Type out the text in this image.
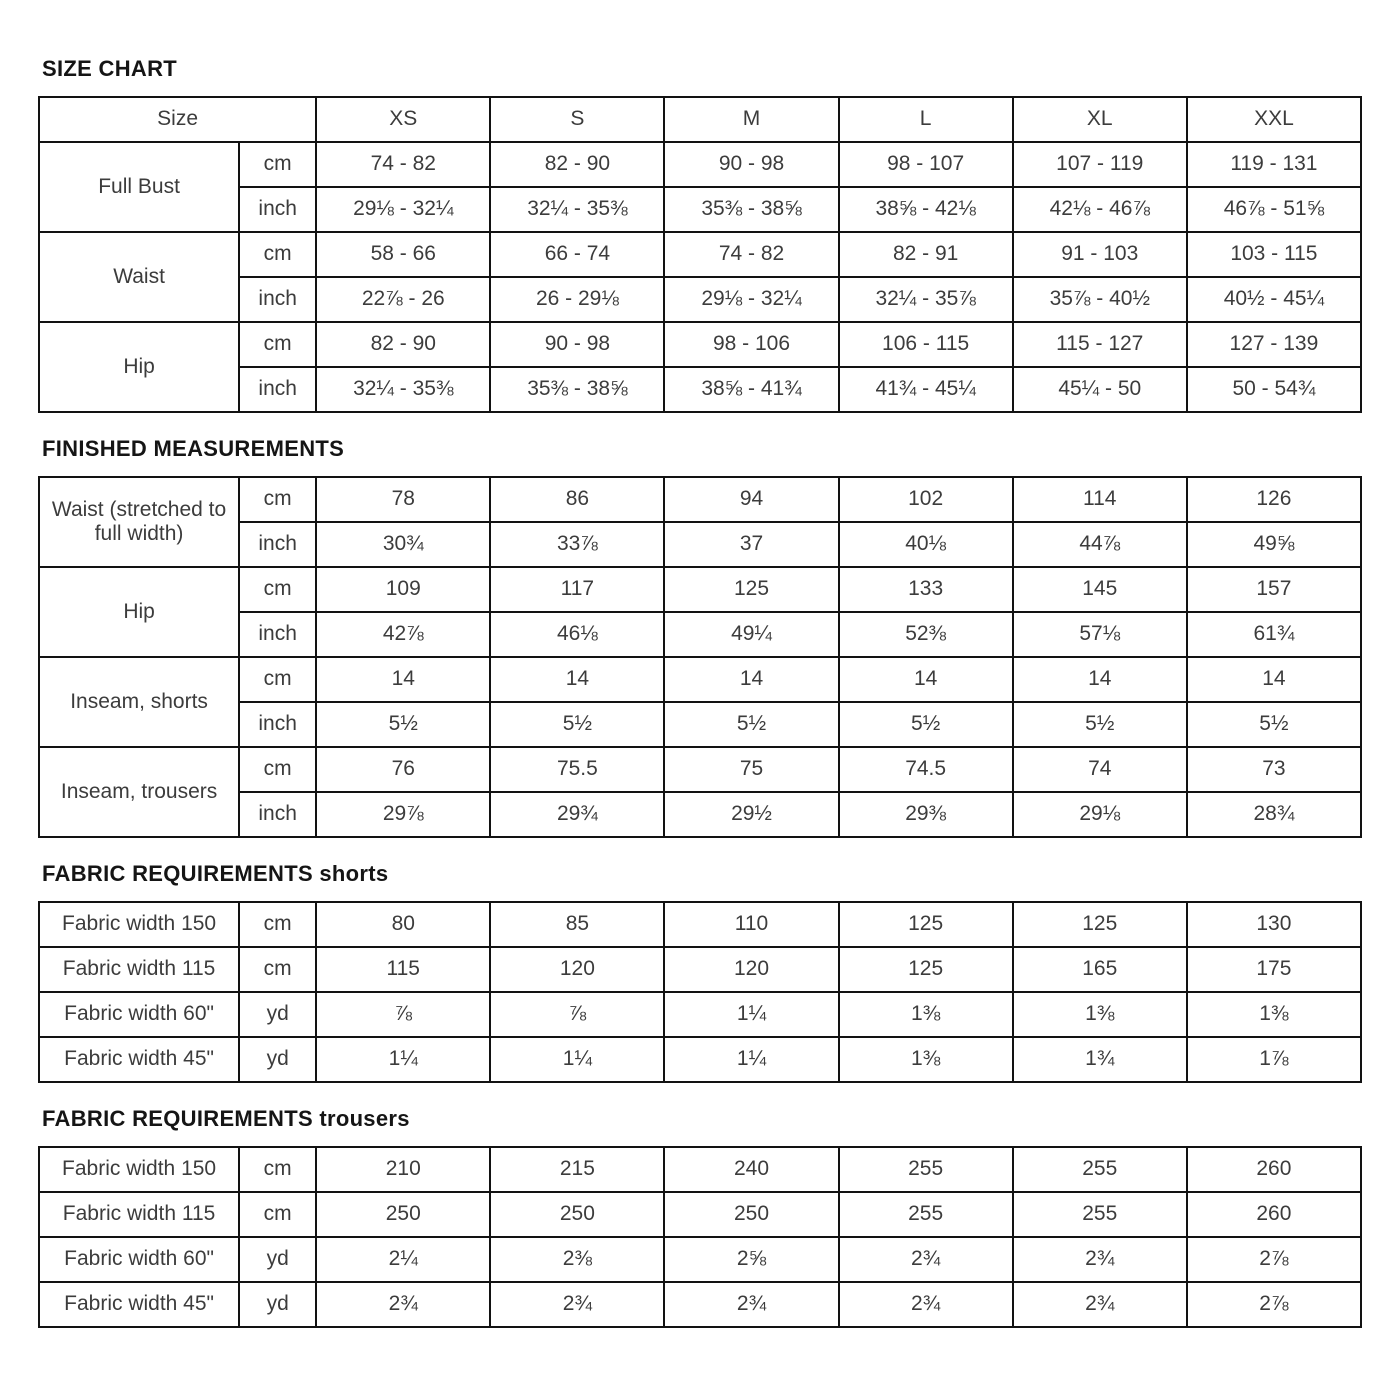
SIZE CHART
Size		XS	S	M	L	XL	XXL
Full Bust	cm	74 - 82	82 - 90	90 - 98	98 - 107	107 - 119	119 - 131
	inch	29⅛ - 32¼	32¼ - 35⅜	35⅜ - 38⅝	38⅝ - 42⅛	42⅛ - 46⅞	46⅞ - 51⅝
Waist	cm	58 - 66	66 - 74	74 - 82	82 - 91	91 - 103	103 - 115
	inch	22⅞ - 26	26 - 29⅛	29⅛ - 32¼	32¼ - 35⅞	35⅞ - 40½	40½ - 45¼
Hip	cm	82 - 90	90 - 98	98 - 106	106 - 115	115 - 127	127 - 139
	inch	32¼ - 35⅜	35⅜ - 38⅝	38⅝ - 41¾	41¾ - 45¼	45¼ - 50	50 - 54¾
FINISHED MEASUREMENTS
Waist (stretched to full width)	cm	78	86	94	102	114	126
	inch	30¾	33⅞	37	40⅛	44⅞	49⅝
Hip	cm	109	117	125	133	145	157
	inch	42⅞	46⅛	49¼	52⅜	57⅛	61¾
Inseam, shorts	cm	14	14	14	14	14	14
	inch	5½	5½	5½	5½	5½	5½
Inseam, trousers	cm	76	75.5	75	74.5	74	73
	inch	29⅞	29¾	29½	29⅜	29⅛	28¾
FABRIC REQUIREMENTS shorts
Fabric width 150	cm	80	85	110	125	125	130
Fabric width 115	cm	115	120	120	125	165	175
Fabric width 60"	yd	⅞	⅞	1¼	1⅜	1⅜	1⅜
Fabric width 45"	yd	1¼	1¼	1¼	1⅜	1¾	1⅞
FABRIC REQUIREMENTS trousers
Fabric width 150	cm	210	215	240	255	255	260
Fabric width 115	cm	250	250	250	255	255	260
Fabric width 60"	yd	2¼	2⅜	2⅝	2¾	2¾	2⅞
Fabric width 45"	yd	2¾	2¾	2¾	2¾	2¾	2⅞
